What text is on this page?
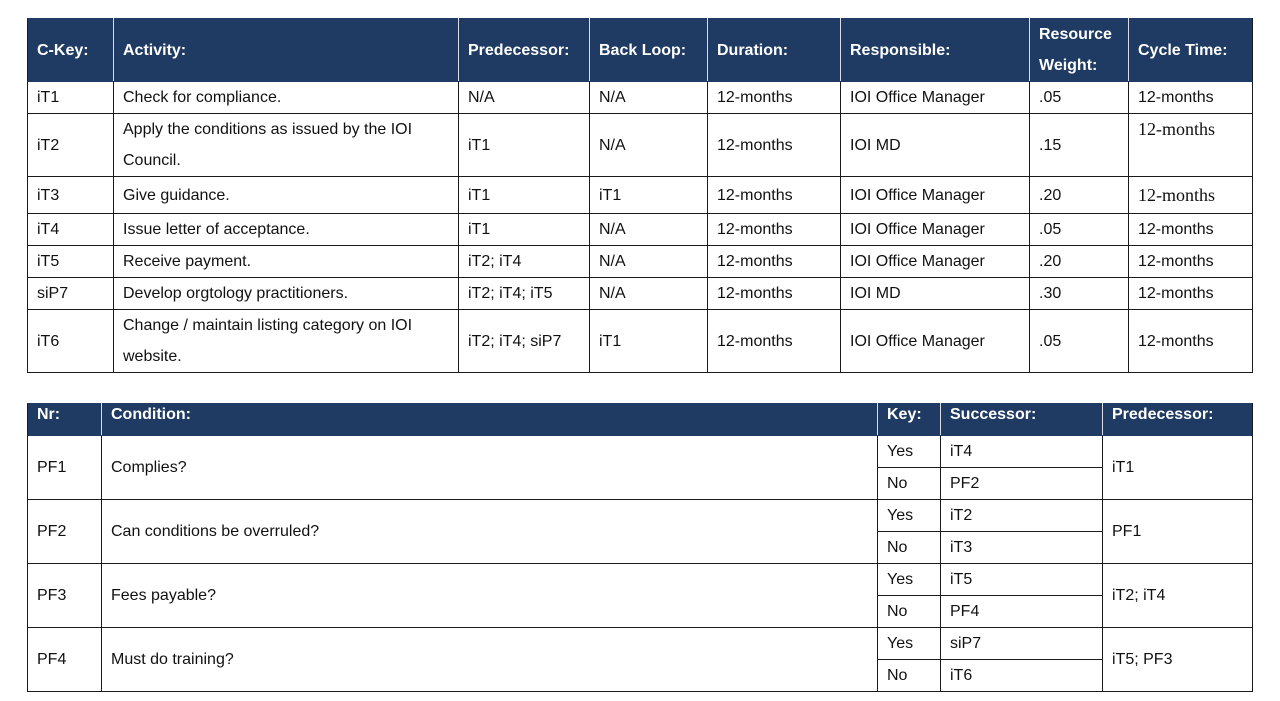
C-Key:	Activity:	Predecessor:	Back Loop:	Duration:	Responsible:	Resource Weight:	Cycle Time:
iT1	Check for compliance.	N/A	N/A	12-months	IOI Office Manager	.05	12-months
iT2	Apply the conditions as issued by the IOI Council.	iT1	N/A	12-months	IOI MD	.15	12-months
iT3	Give guidance.	iT1	iT1	12-months	IOI Office Manager	.20	12-months
iT4	Issue letter of acceptance.	iT1	N/A	12-months	IOI Office Manager	.05	12-months
iT5	Receive payment.	iT2; iT4	N/A	12-months	IOI Office Manager	.20	12-months
siP7	Develop orgtology practitioners.	iT2; iT4; iT5	N/A	12-months	IOI MD	.30	12-months
iT6	Change / maintain listing category on IOI website.	iT2; iT4; siP7	iT1	12-months	IOI Office Manager	.05	12-months
Nr:	Condition:	Key:	Successor:	Predecessor:
PF1	Complies?	Yes	iT4	iT1
		No	PF2	
PF2	Can conditions be overruled?	Yes	iT2	PF1
		No	iT3	
PF3	Fees payable?	Yes	iT5	iT2; iT4
		No	PF4	
PF4	Must do training?	Yes	siP7	iT5; PF3
		No	iT6	
